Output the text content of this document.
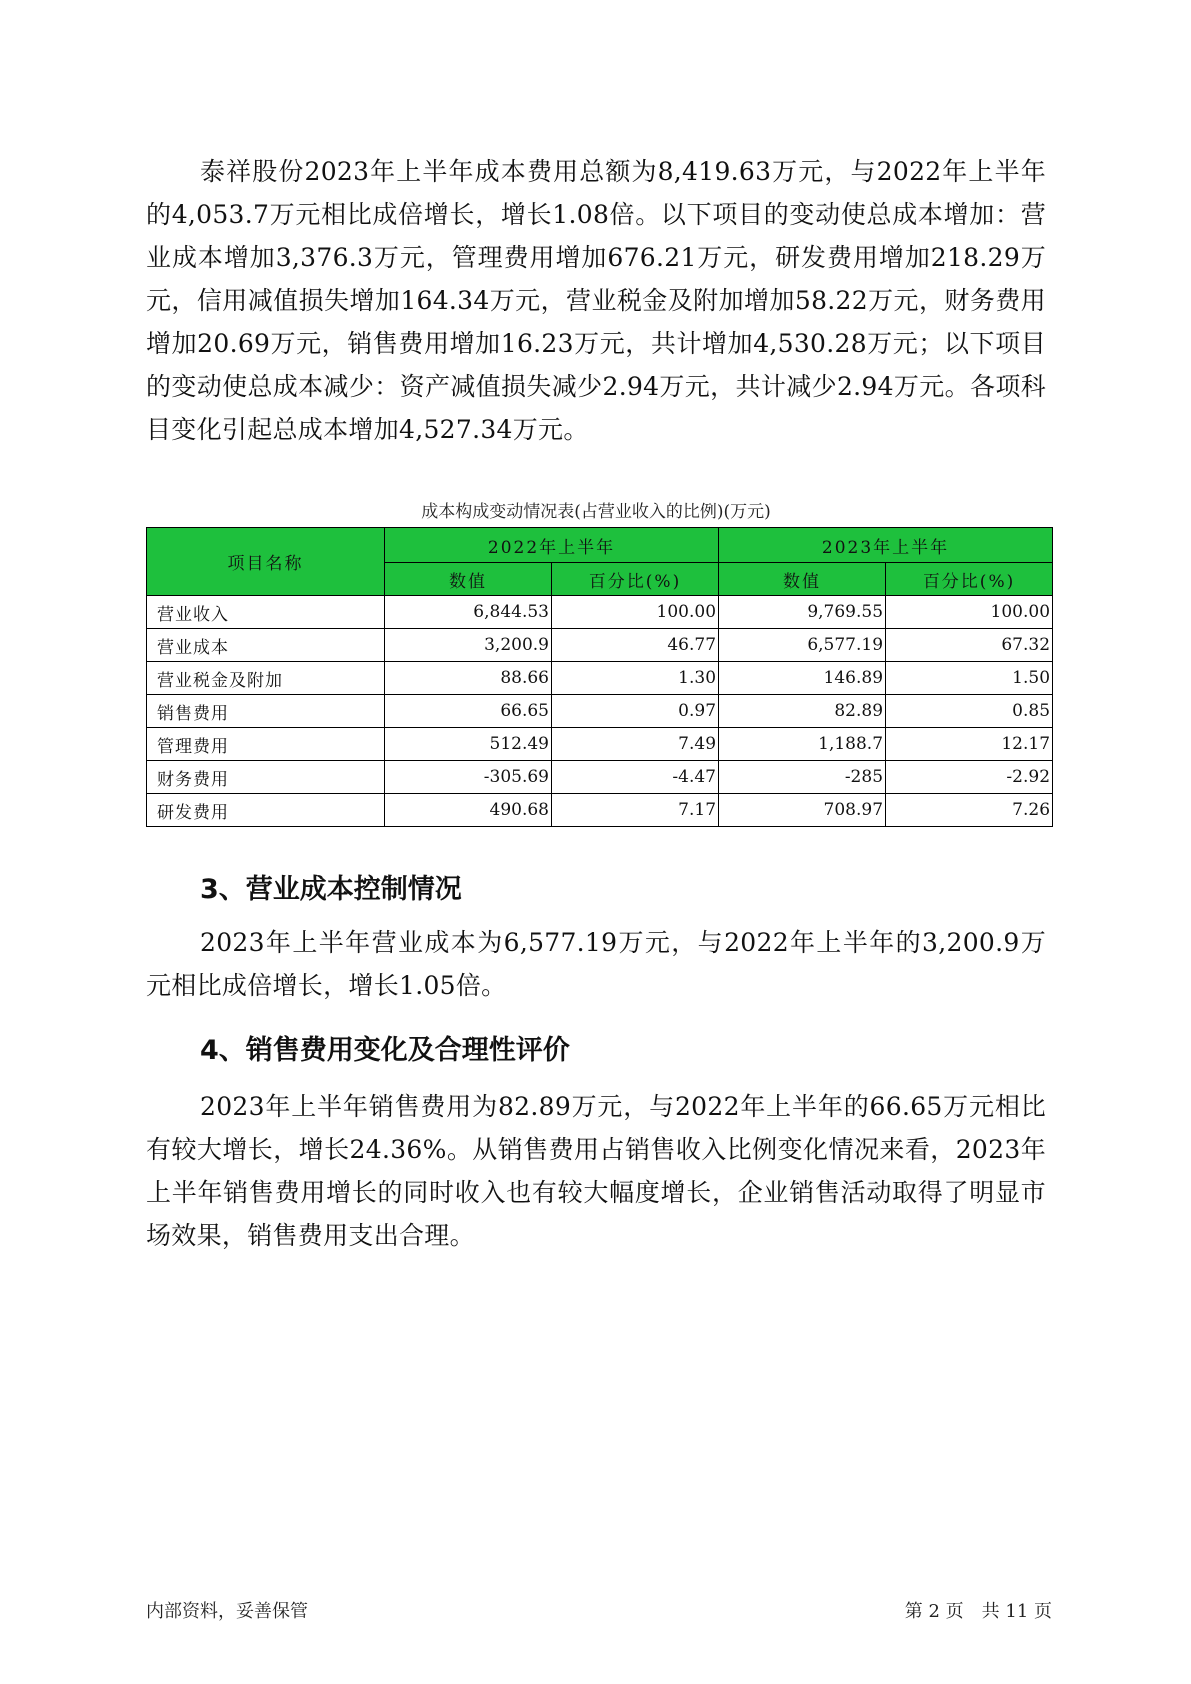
泰祥股份2023年上半年成本费用总额为8,419.63万元，与2022年上半年的4,053.7万元相比成倍增长，增长1.08倍。以下项目的变动使总成本增加：营业成本增加3,376.3万元，管理费用增加676.21万元，研发费用增加218.29万元，信用减值损失增加164.34万元，营业税金及附加增加58.22万元，财务费用增加20.69万元，销售费用增加16.23万元，共计增加4,530.28万元；以下项目的变动使总成本减少：资产减值损失减少2.94万元，共计减少2.94万元。各项科目变化引起总成本增加4,527.34万元。

成本构成变动情况表(占营业收入的比例)(万元)
项目名称	2022年上半年		2023年上半年	
	数值	百分比(%)	数值	百分比(%)
营业收入	6,844.53	100.00	9,769.55	100.00
营业成本	3,200.9	46.77	6,577.19	67.32
营业税金及附加	88.66	1.30	146.89	1.50
销售费用	66.65	0.97	82.89	0.85
管理费用	512.49	7.49	1,188.7	12.17
财务费用	-305.69	-4.47	-285	-2.92
研发费用	490.68	7.17	708.97	7.26
3、营业成本控制情况

2023年上半年营业成本为6,577.19万元，与2022年上半年的3,200.9万元相比成倍增长，增长1.05倍。

4、销售费用变化及合理性评价

2023年上半年销售费用为82.89万元，与2022年上半年的66.65万元相比有较大增长，增长24.36%。从销售费用占销售收入比例变化情况来看，2023年上半年销售费用增长的同时收入也有较大幅度增长，企业销售活动取得了明显市场效果，销售费用支出合理。

内部资料，妥善保管	第 2 页　共 11 页
